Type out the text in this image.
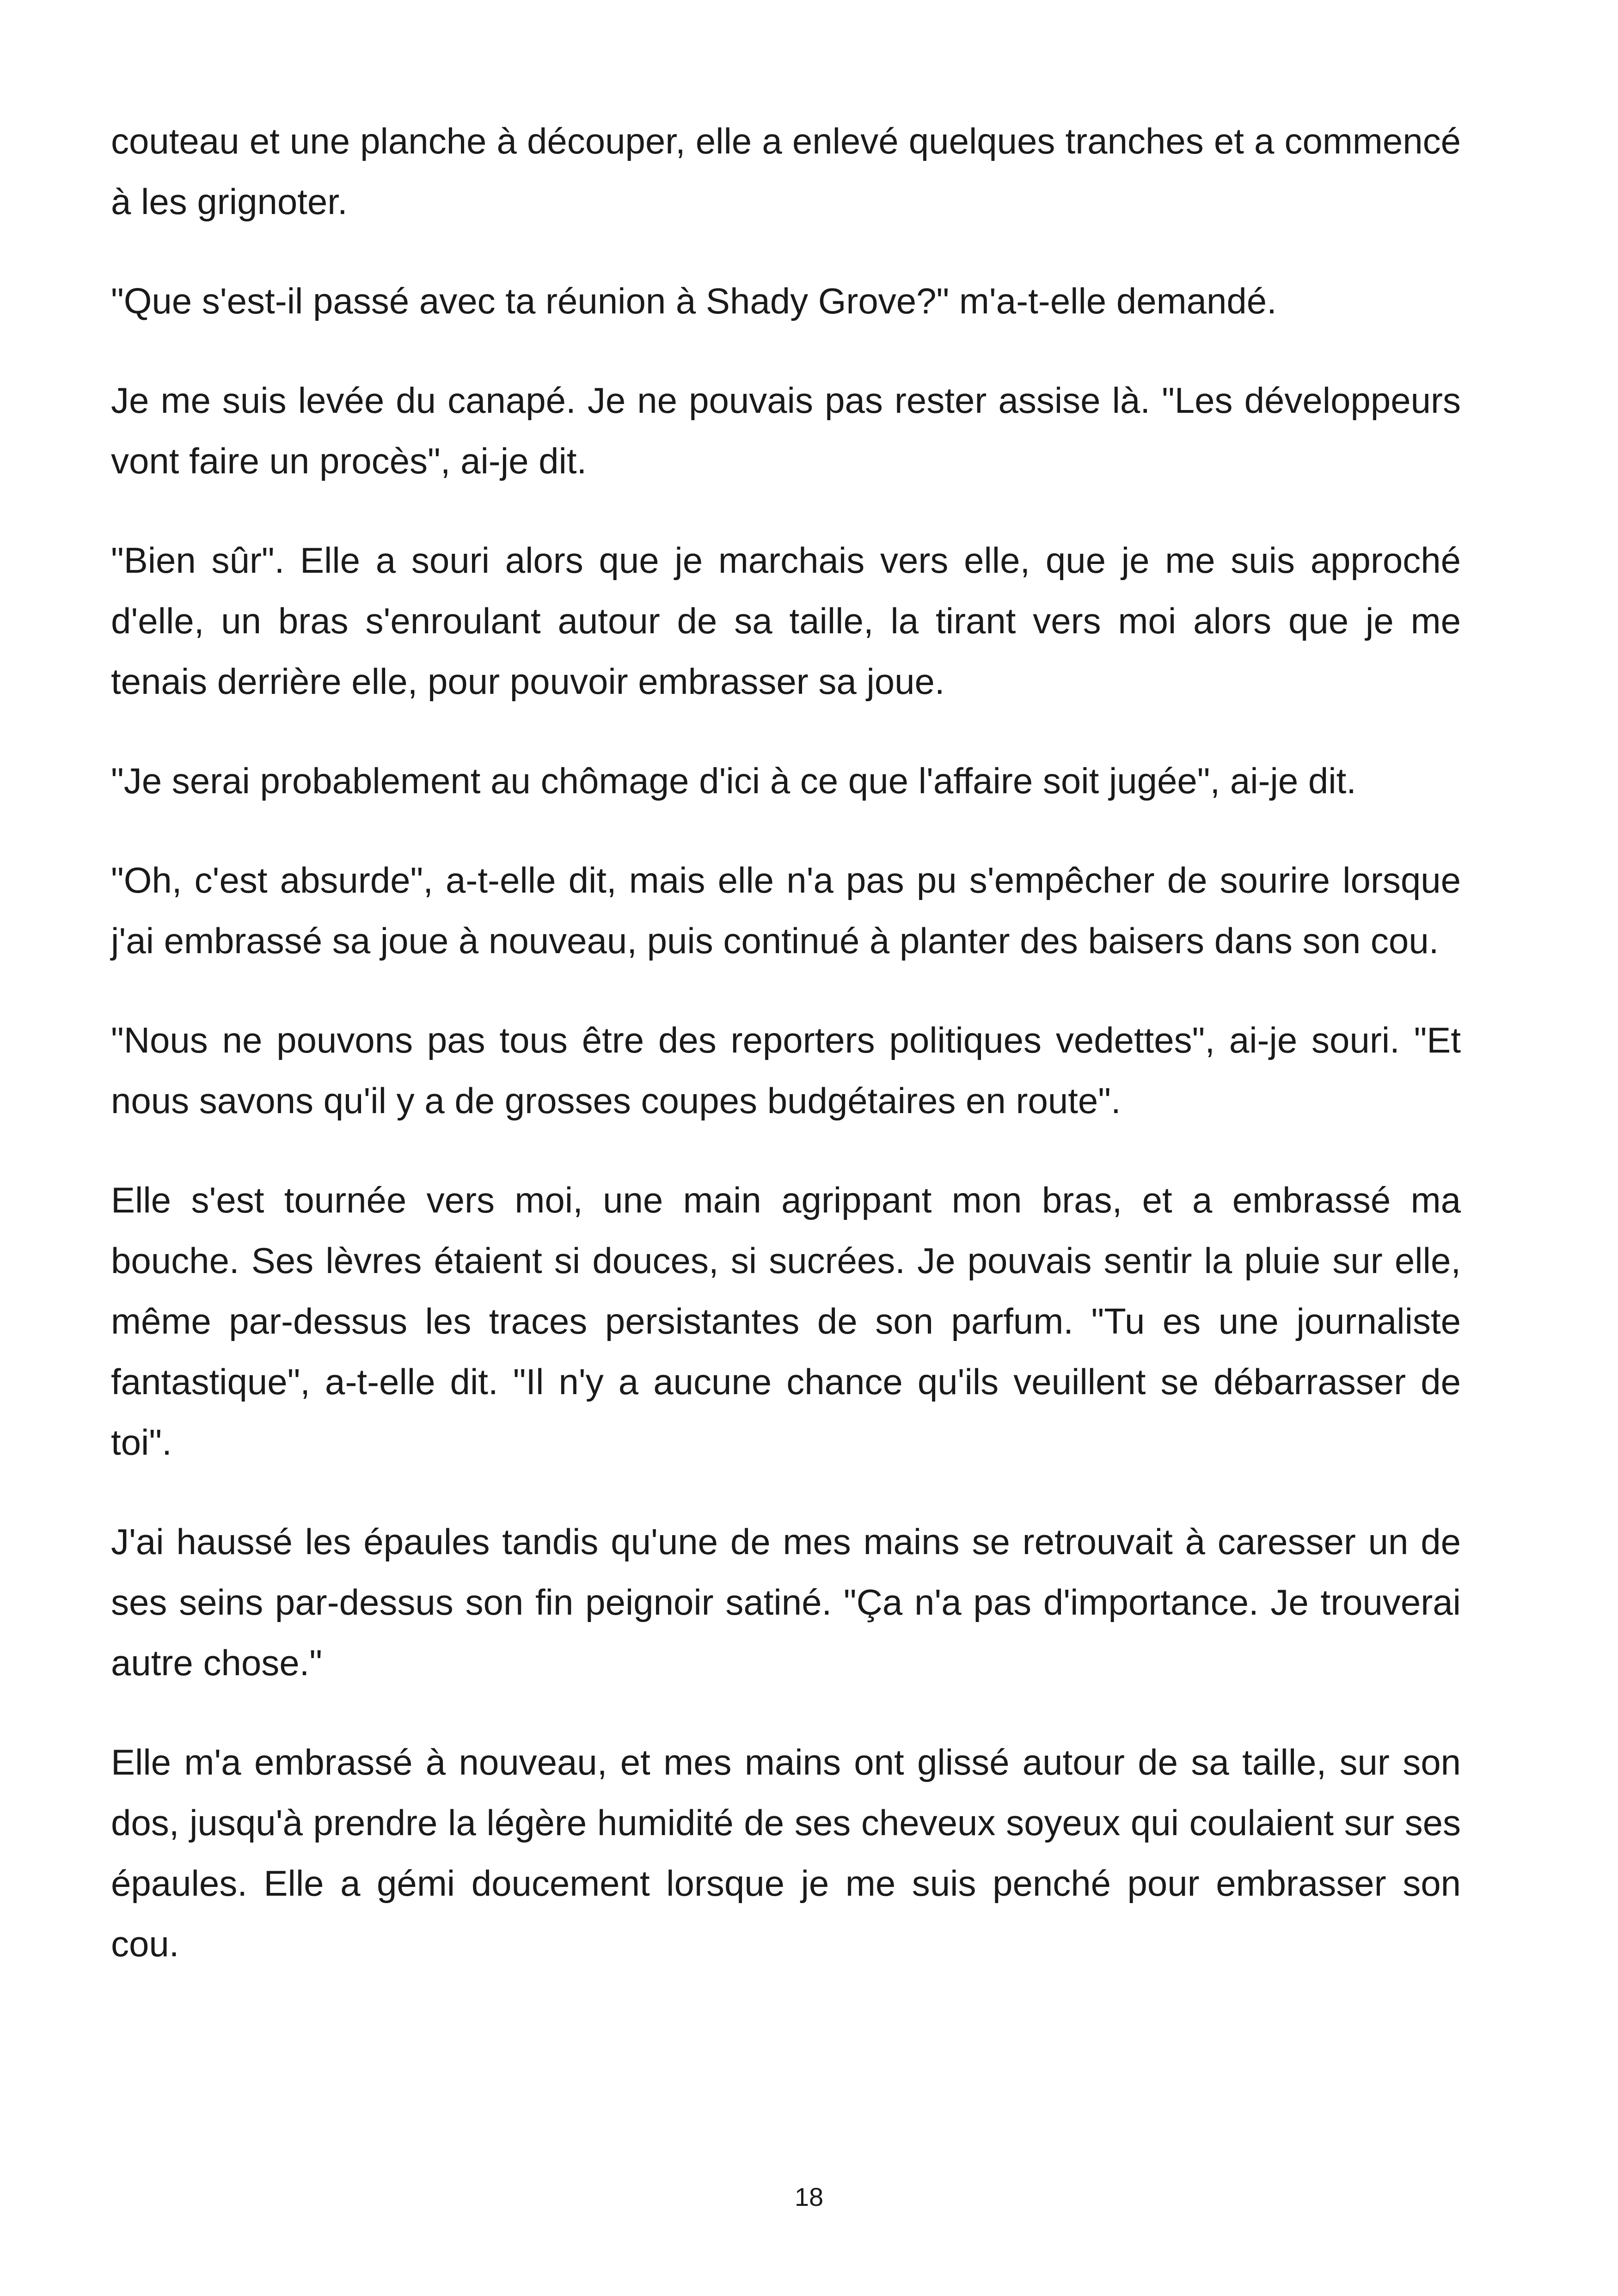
couteau et une planche à découper, elle a enlevé quelques tranches et a commencé à les grignoter.

"Que s'est-il passé avec ta réunion à Shady Grove?" m'a-t-elle demandé.

Je me suis levée du canapé. Je ne pouvais pas rester assise là. "Les développeurs vont faire un procès", ai-je dit.

"Bien sûr". Elle a souri alors que je marchais vers elle, que je me suis approché d'elle, un bras s'enroulant autour de sa taille, la tirant vers moi alors que je me tenais derrière elle, pour pouvoir embrasser sa joue.

"Je serai probablement au chômage d'ici à ce que l'affaire soit jugée", ai-je dit.

"Oh, c'est absurde", a-t-elle dit, mais elle n'a pas pu s'empêcher de sourire lorsque j'ai embrassé sa joue à nouveau, puis continué à planter des baisers dans son cou.

"Nous ne pouvons pas tous être des reporters politiques vedettes", ai-je souri. "Et nous savons qu'il y a de grosses coupes budgétaires en route".

Elle s'est tournée vers moi, une main agrippant mon bras, et a embrassé ma bouche. Ses lèvres étaient si douces, si sucrées. Je pouvais sentir la pluie sur elle, même par-dessus les traces persistantes de son parfum. "Tu es une journaliste fantastique", a-t-elle dit. "Il n'y a aucune chance qu'ils veuillent se débarrasser de toi".

J'ai haussé les épaules tandis qu'une de mes mains se retrouvait à caresser un de ses seins par-dessus son fin peignoir satiné. "Ça n'a pas d'importance. Je trouverai autre chose."

Elle m'a embrassé à nouveau, et mes mains ont glissé autour de sa taille, sur son dos, jusqu'à prendre la légère humidité de ses cheveux soyeux qui coulaient sur ses épaules. Elle a gémi doucement lorsque je me suis penché pour embrasser son cou.

18
